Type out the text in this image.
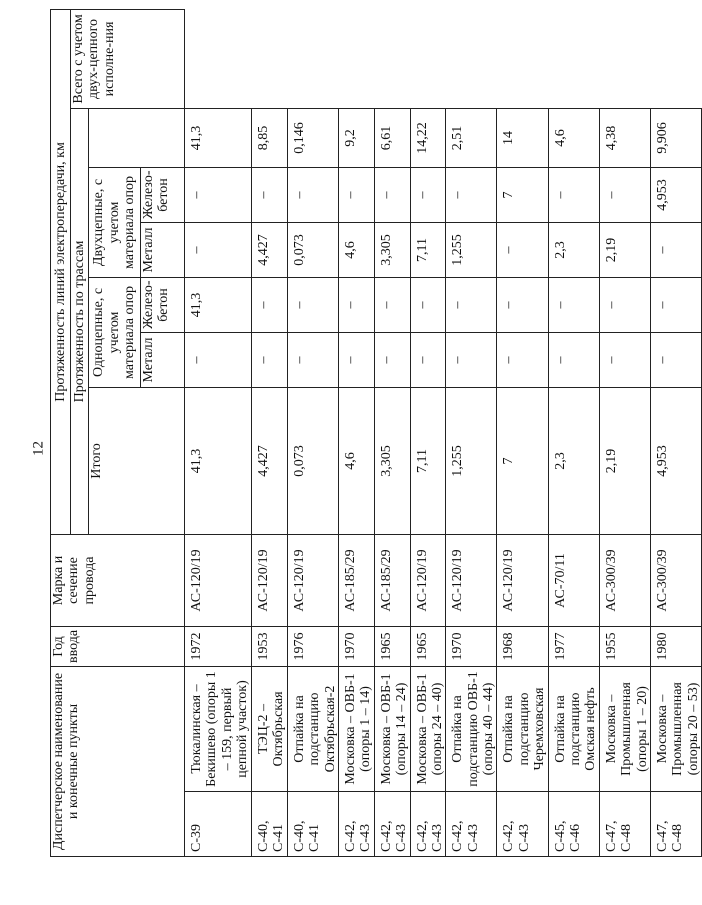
12
Диспетчерское наименование и конечные пункты		Год ввода	Марка и сечение провода	Протяженность линий электропередачи, км						
				Протяженность по трассам						Всего с учетом двух-цепного исполне-ния
				Итого	Одноцепные, с учетом материала опор		Двухцепные, с учетом материала опор			
					Металл	Железо-бетон	Металл	Железо-бетон		
С-39	Тюкалинская – Бекишево (опоры 1 – 159, первый цепной участок)	1972	АС-120/19	41,3	–	41,3	–	–	41,3	
С-40, С-41	ТЭЦ-2 – Октябрьская	1953	АС-120/19	4,427	–	–	4,427	–	8,85	
С-40, С-41	Отпайка на подстанцию Октябрьская-2	1976	АС-120/19	0,073	–	–	0,073	–	0,146	
С-42, С-43	Московка – ОВБ-1 (опоры 1 – 14)	1970	АС-185/29	4,6	–	–	4,6	–	9,2	
С-42, С-43	Московка – ОВБ-1 (опоры 14 – 24)	1965	АС-185/29	3,305	–	–	3,305	–	6,61	
С-42, С-43	Московка – ОВБ-1 (опоры 24 – 40)	1965	АС-120/19	7,11	–	–	7,11	–	14,22	
С-42, С-43	Отпайка на подстанцию ОВБ-1 (опоры 40 – 44)	1970	АС-120/19	1,255	–	–	1,255	–	2,51	
С-42, С-43	Отпайка на подстанцию Черемховская	1968	АС-120/19	7	–	–	–	7	14	
С-45, С-46	Отпайка на подстанцию Омская нефть	1977	АС-70/11	2,3	–	–	2,3	–	4,6	
С-47, С-48	Московка – Промышленная (опоры 1 – 20)	1955	АС-300/39	2,19	–	–	2,19	–	4,38	
С-47, С-48	Московка – Промышленная (опоры 20 – 53)	1980	АС-300/39	4,953	–	–	–	4,953	9,906	
